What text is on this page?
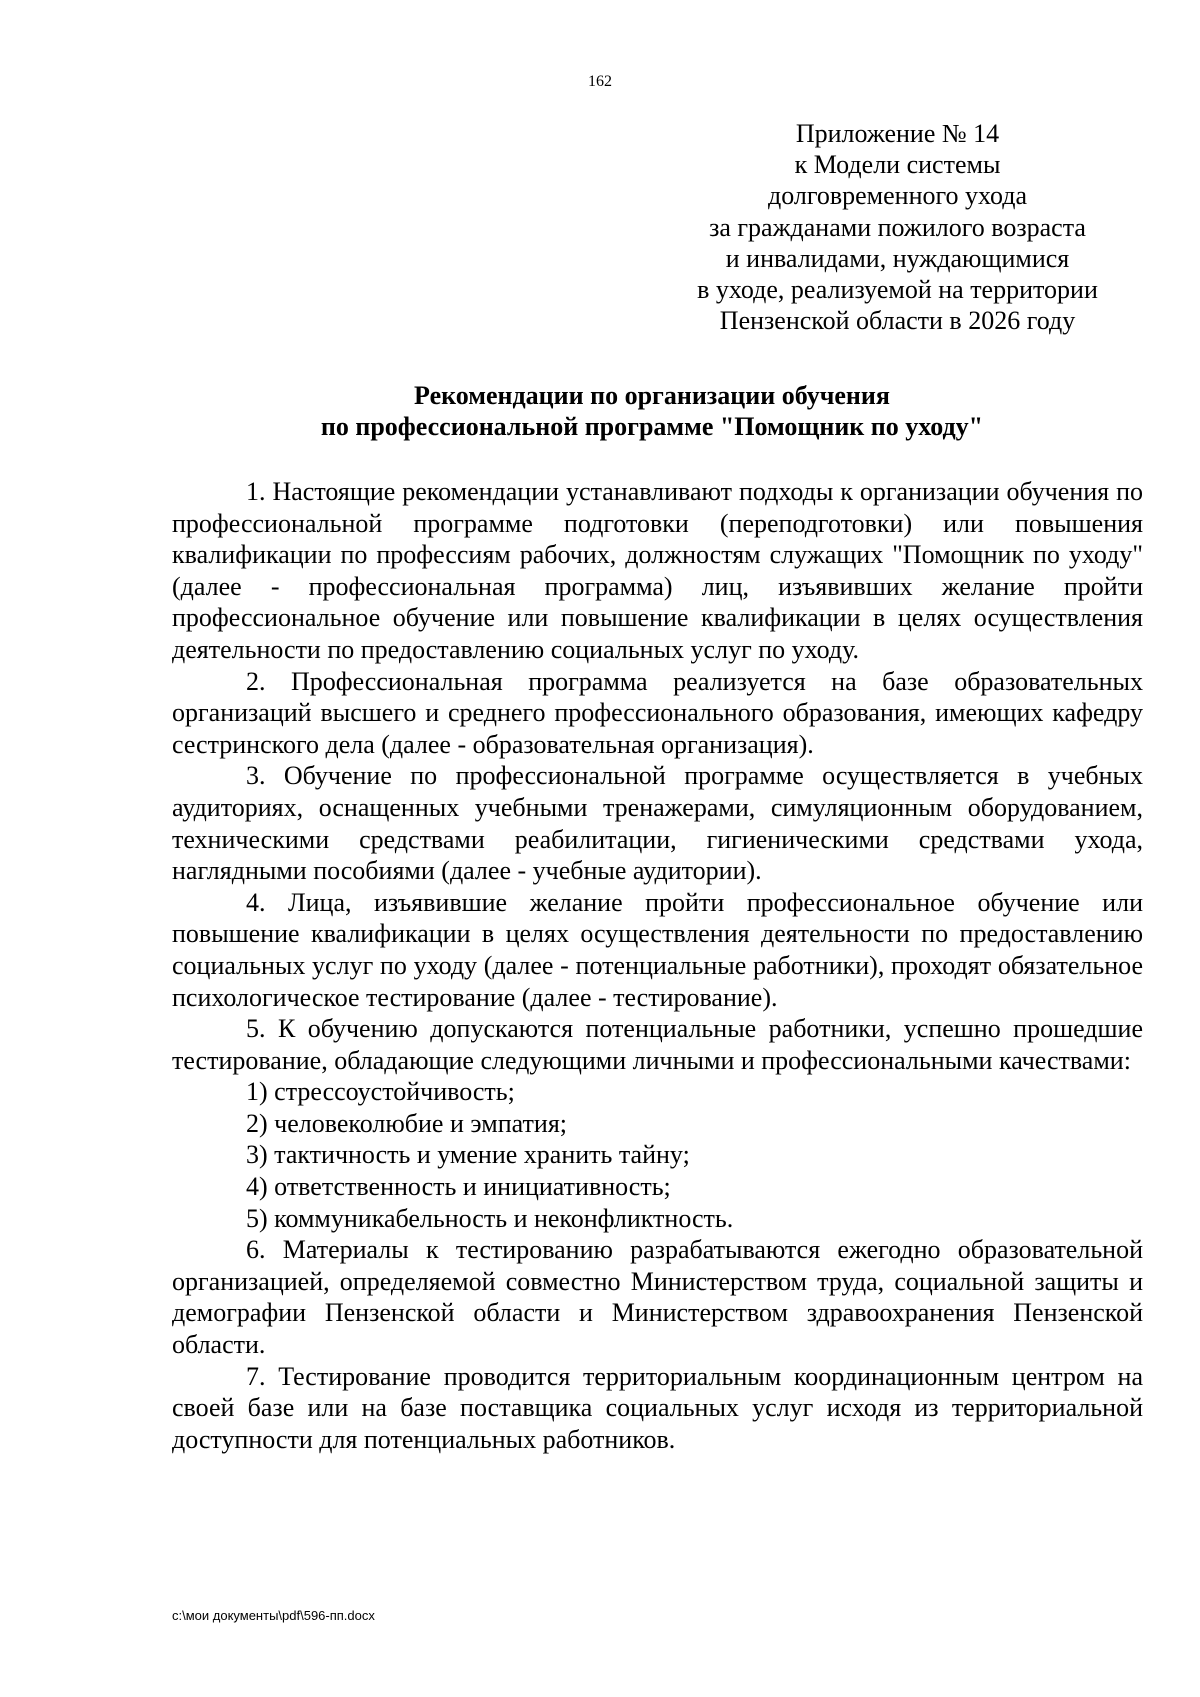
162
Приложение № 14
к Модели системы
долговременного ухода
за гражданами пожилого возраста
и инвалидами, нуждающимися
в уходе, реализуемой на территории
Пензенской области в 2026 году
Рекомендации по организации обучения
по профессиональной программе "Помощник по уходу"

1. Настоящие рекомендации устанавливают подходы к организации обучения по профессиональной программе подготовки (переподготовки) или повышения квалификации по профессиям рабочих, должностям служащих "Помощник по уходу" (далее - профессиональная программа) лиц, изъявивших желание пройти профессиональное обучение или повышение квалификации в целях осуществления деятельности по предоставлению социальных услуг по уходу.

2. Профессиональная программа реализуется на базе образовательных организаций высшего и среднего профессионального образования, имеющих кафедру сестринского дела (далее - образовательная организация).

3. Обучение по профессиональной программе осуществляется в учебных аудиториях, оснащенных учебными тренажерами, симуляционным оборудованием, техническими средствами реабилитации, гигиеническими средствами ухода, наглядными пособиями (далее - учебные аудитории).

4. Лица, изъявившие желание пройти профессиональное обучение или повышение квалификации в целях осуществления деятельности по предоставлению социальных услуг по уходу (далее - потенциальные работники), проходят обязательное психологическое тестирование (далее - тестирование).

5. К обучению допускаются потенциальные работники, успешно прошедшие тестирование, обладающие следующими личными и профессиональными качествами:

1) стрессоустойчивость;

2) человеколюбие и эмпатия;

3) тактичность и умение хранить тайну;

4) ответственность и инициативность;

5) коммуникабельность и неконфликтность.

6. Материалы к тестированию разрабатываются ежегодно образовательной организацией, определяемой совместно Министерством труда, социальной защиты и демографии Пензенской области и Министерством здравоохранения Пензенской области.

7. Тестирование проводится территориальным координационным центром на своей базе или на базе поставщика социальных услуг исходя из территориальной доступности для потенциальных работников.

c:\мои документы\pdf\596-пп.docx
